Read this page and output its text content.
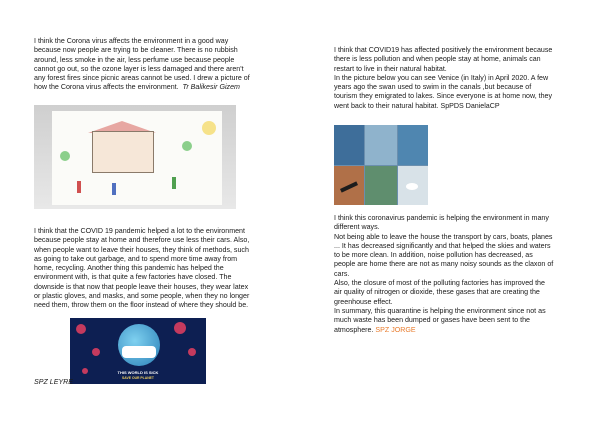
I think the Corona virus affects the environment in a good way

because now people are trying to be cleaner. There is no rubbish

around, less smoke in the air, less perfume use because people

cannot go out, so the ozone layer is less damaged and there aren't

any forest fires since picnic areas cannot be used. I drew a picture of

how the Corona virus affects the environment. Tr Balikesir Gizem

I think that the COVID 19 pandemic helped a lot to the environment

because people stay at home and therefore use less their cars. Also,

when people want to leave their houses, they think of methods, such

as going to take out garbage, and to spend more time away from

home, recycling. Another thing this pandemic has helped the

environment with, is that quite a few factories have closed. The

downside is that now that people leave their houses, they wear latex

or plastic gloves, and masks, and some people, when they no longer

need them, throw them on the floor instead of where they should be.

THIS WORLD IS SICK
SAVE OUR PLANET
SPZ LEYRE

I think that COVID19 has affected positively the environment because

there is less pollution and when people stay at home, animals can

restart to live in their natural habitat.

In the picture below you can see Venice (in Italy) in April 2020. A few

years ago the swan used to swim in the canals ,but because of

tourism they emigrated to lakes. Since everyone is at home now, they

went back to their natural habitat. SpPDS DanielaCP

I think this coronavirus pandemic is helping the environment in many

different ways.

Not being able to leave the house the transport by cars, boats, planes

... It has decreased significantly and that helped the skies and waters

to be more clean. In addition, noise pollution has decreased, as

people are home there are not as many noisy sounds as the claxon of

cars.

Also, the closure of most of the polluting factories has improved the

air quality of nitrogen or dioxide, these gases that are creating the

greenhouse effect.

In summary, this quarantine is helping the environment since not as

much waste has been dumped or gases have been sent to the

atmosphere. SPZ JORGE
